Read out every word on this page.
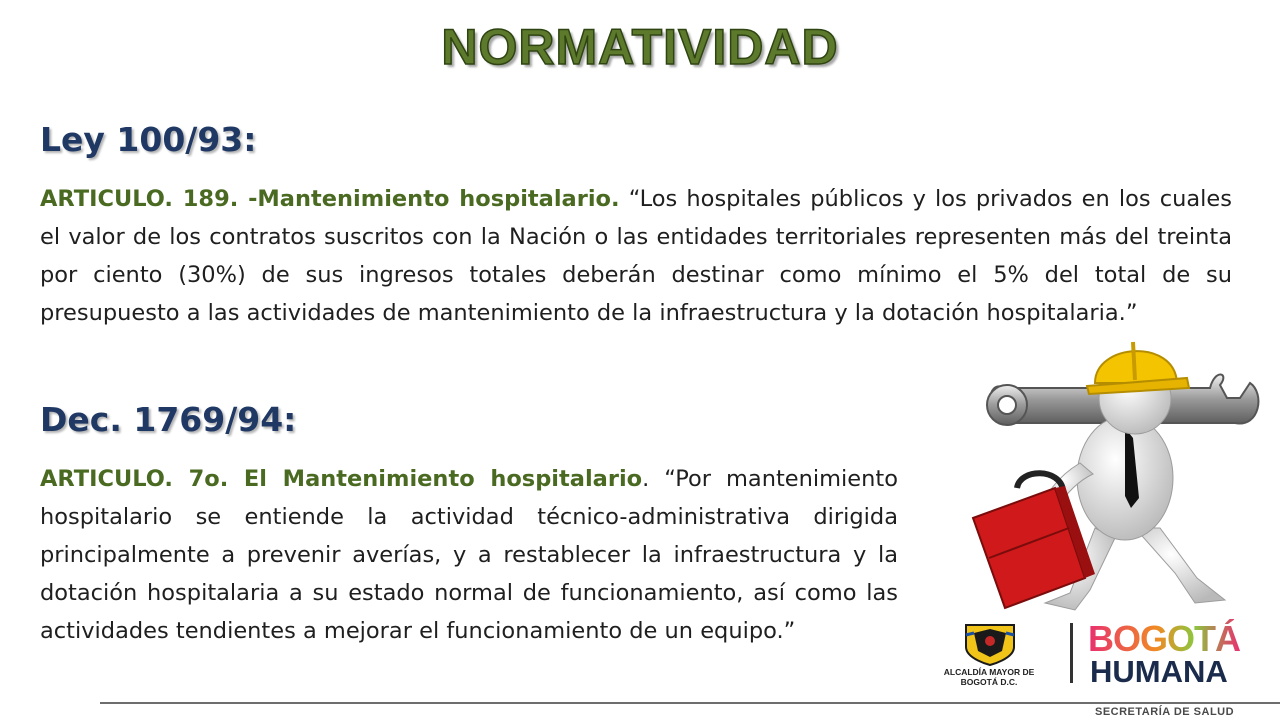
NORMATIVIDAD
Ley 100/93:
ARTICULO. 189. -Mantenimiento hospitalario. “Los hospitales públicos y los privados en los cuales el valor de los contratos suscritos con la Nación o las entidades territoriales representen más del treinta por ciento (30%) de sus ingresos totales deberán destinar como mínimo el 5% del total de su presupuesto a las actividades de mantenimiento de la infraestructura y la dotación hospitalaria.”
Dec. 1769/94:
ARTICULO. 7o. El Mantenimiento hospitalario. “Por mantenimiento hospitalario se entiende la actividad técnico-administrativa dirigida principalmente a prevenir averías, y a restablecer la infraestructura y la dotación hospitalaria a su estado normal de funcionamiento, así como las actividades tendientes a mejorar el funcionamiento de un equipo.”
ALCALDÍA MAYOR DE BOGOTÁ D.C.
BOGOTÁ
HUMANA
SECRETARÍA DE SALUD
